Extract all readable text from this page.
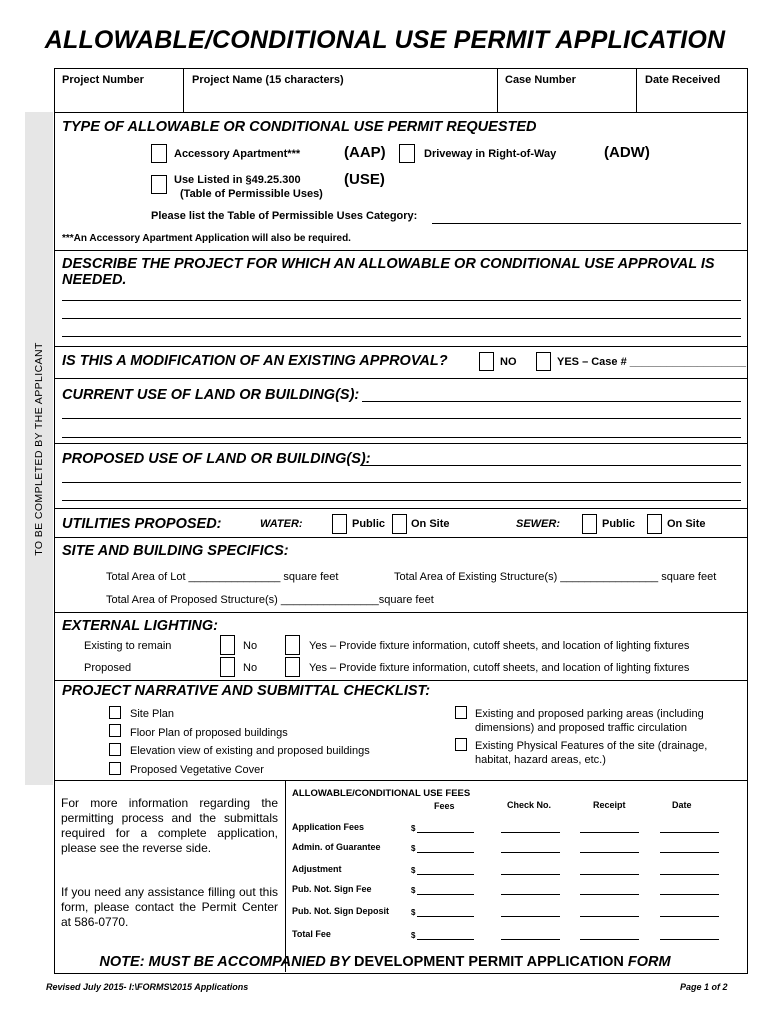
ALLOWABLE/CONDITIONAL USE PERMIT APPLICATION
TO BE COMPLETED BY THE APPLICANT
Project Number	Project Name (15 characters)	Case Number	Date Received
TYPE OF ALLOWABLE OR CONDITIONAL USE PERMIT REQUESTED
Accessory Apartment***	(AAP)	Driveway in Right-of-Way	(ADW)
Use Listed in §49.25.300
(Table of Permissible Uses)
(USE)
Please list the Table of Permissible Uses Category:
***An Accessory Apartment Application will also be required.
DESCRIBE THE PROJECT FOR WHICH AN ALLOWABLE OR CONDITIONAL USE APPROVAL IS
NEEDED.
IS THIS A MODIFICATION OF AN EXISTING APPROVAL?	NO	YES – Case # ___________________
CURRENT USE OF LAND OR BUILDING(S):
PROPOSED USE OF LAND OR BUILDING(S):
UTILITIES PROPOSED:	WATER:	Public On Site	SEWER:	Public	On Site
SITE AND BUILDING SPECIFICS:
Total Area of Lot _______________ square feet	Total Area of Existing Structure(s) ________________ square feet
Total Area of Proposed Structure(s) ________________square feet
EXTERNAL LIGHTING:
Existing to remain	No	Yes – Provide fixture information, cutoff sheets, and location of lighting fixtures
Proposed	No	Yes – Provide fixture information, cutoff sheets, and location of lighting fixtures
PROJECT NARRATIVE AND SUBMITTAL CHECKLIST:
Site Plan
Floor Plan of proposed buildings
Elevation view of existing and proposed buildings
Proposed Vegetative Cover
Existing and proposed parking areas (including
dimensions) and proposed traffic circulation
Existing Physical Features of the site (drainage,
habitat, hazard areas, etc.)
For more information regarding the permitting process and the submittals required for a complete application, please see the reverse side.
If you need any assistance filling out this form, please contact the Permit Center at 586-0770.
ALLOWABLE/CONDITIONAL USE FEES
Fees	Check No.	Receipt	Date
Application Fees	$
Admin. of Guarantee	$
Adjustment	$
Pub. Not. Sign Fee	$
Pub. Not. Sign Deposit	$
Total Fee	$
NOTE: MUST BE ACCOMPANIED BY DEVELOPMENT PERMIT APPLICATION FORM
Revised July 2015- I:\FORMS\2015 Applications	Page 1 of 2
